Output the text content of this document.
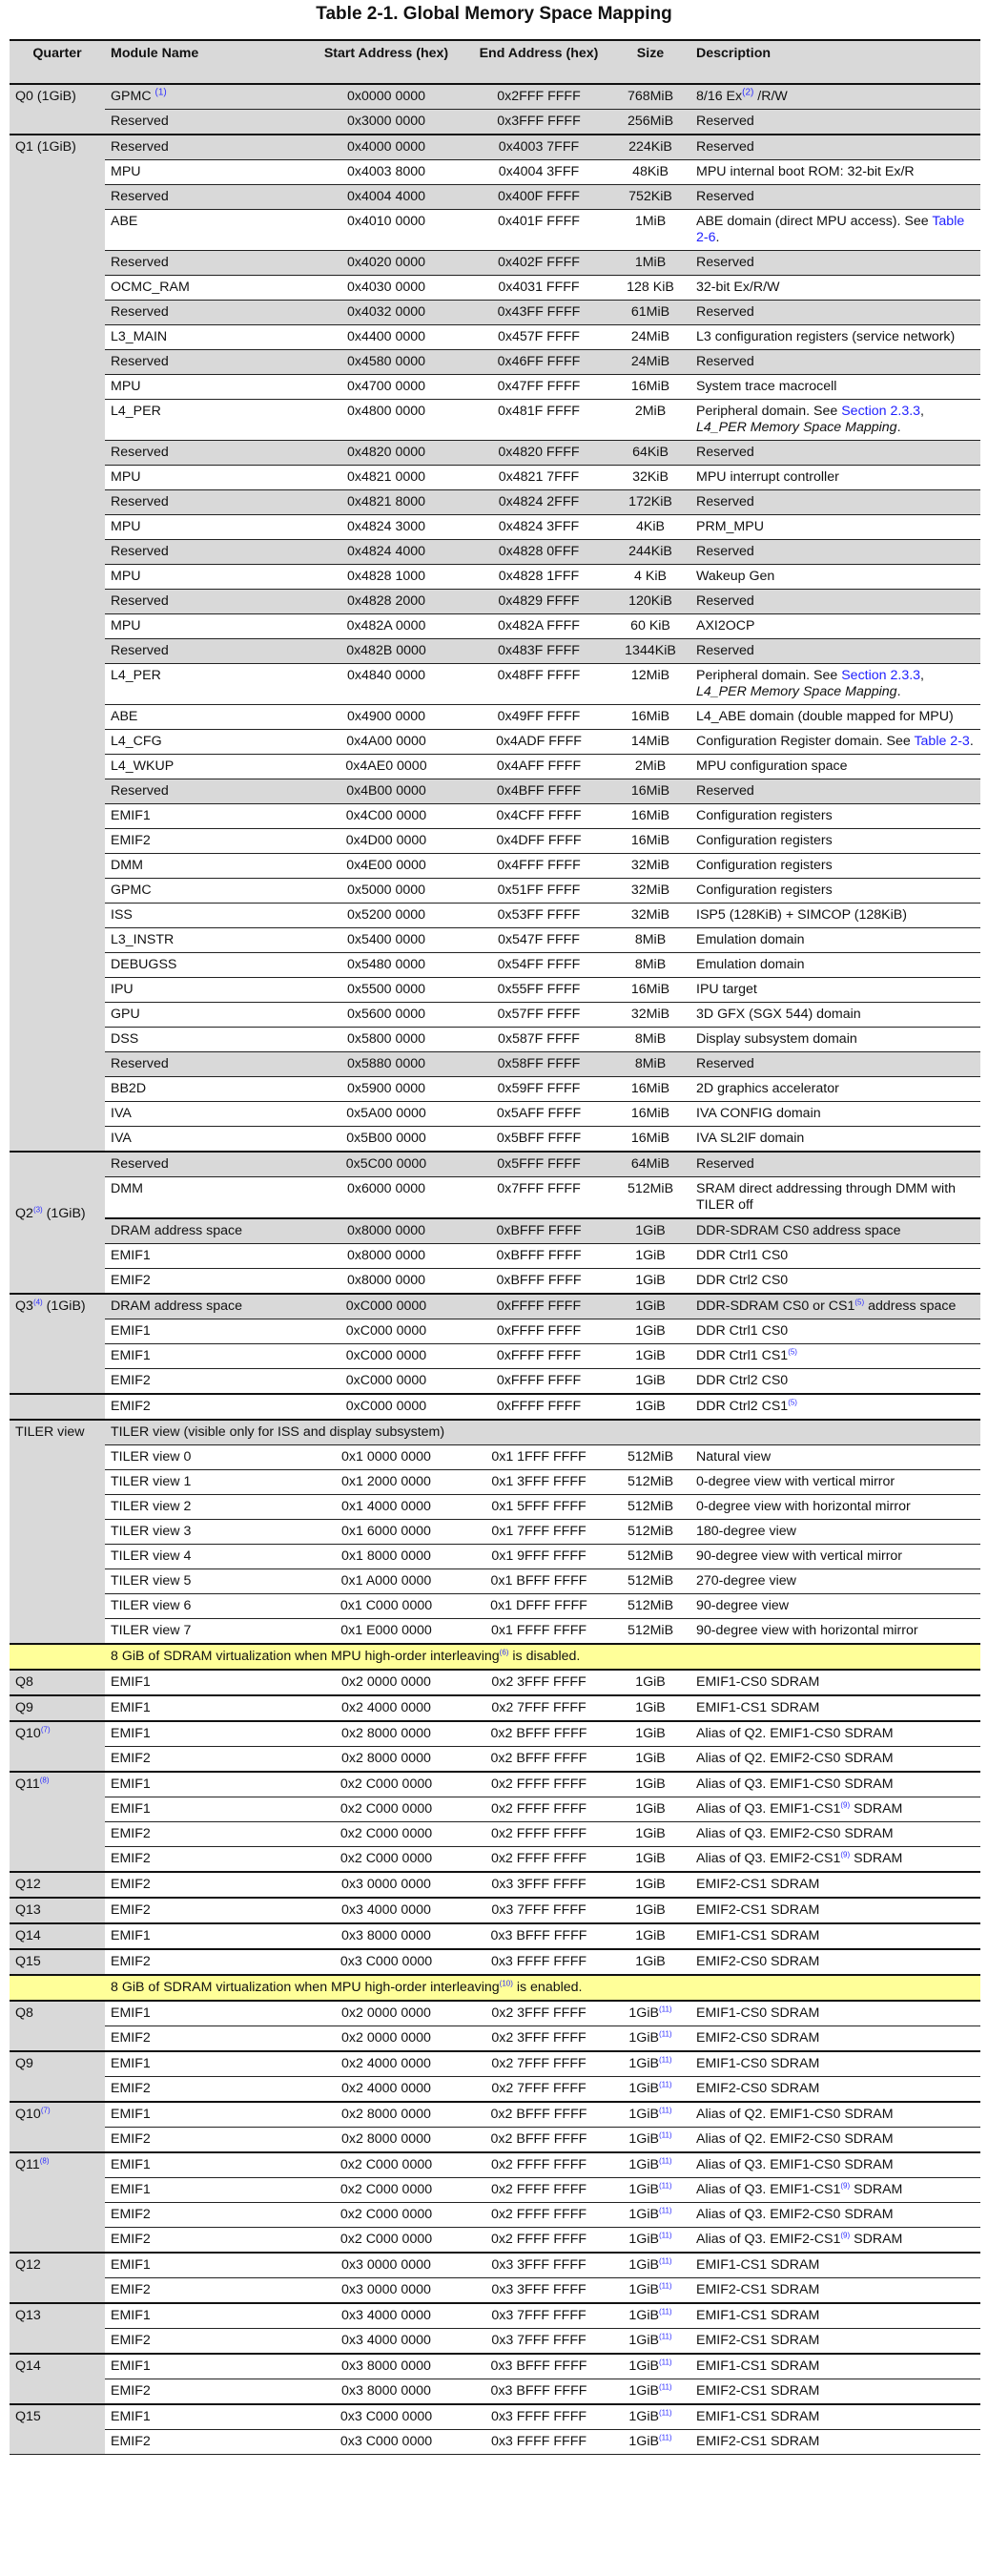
Table 2-1. Global Memory Space Mapping
Quarter	Module Name	Start Address (hex)	End Address (hex)	Size	Description
Q0 (1GiB)	GPMC $^{(1)}$	0x0000 0000	0x2FFF FFFF	768MiB	8/16 Ex$^{(2)}$ /R/W
	Reserved	0x3000 0000	0x3FFF FFFF	256MiB	Reserved
Q1 (1GiB)	Reserved	0x4000 0000	0x4003 7FFF	224KiB	Reserved
	MPU	0x4003 8000	0x4004 3FFF	48KiB	MPU internal boot ROM: 32-bit Ex/R
	Reserved	0x4004 4000	0x400F FFFF	752KiB	Reserved
	ABE	0x4010 0000	0x401F FFFF	1MiB	ABE domain (direct MPU access). See Table 2-6.
	Reserved	0x4020 0000	0x402F FFFF	1MiB	Reserved
	OCMC_RAM	0x4030 0000	0x4031 FFFF	128 KiB	32-bit Ex/R/W
	Reserved	0x4032 0000	0x43FF FFFF	61MiB	Reserved
	L3_MAIN	0x4400 0000	0x457F FFFF	24MiB	L3 configuration registers (service network)
	Reserved	0x4580 0000	0x46FF FFFF	24MiB	Reserved
	MPU	0x4700 0000	0x47FF FFFF	16MiB	System trace macrocell
	L4_PER	0x4800 0000	0x481F FFFF	2MiB	Peripheral domain. See Section 2.3.3, L4_PER Memory Space Mapping.
	Reserved	0x4820 0000	0x4820 FFFF	64KiB	Reserved
	MPU	0x4821 0000	0x4821 7FFF	32KiB	MPU interrupt controller
	Reserved	0x4821 8000	0x4824 2FFF	172KiB	Reserved
	MPU	0x4824 3000	0x4824 3FFF	4KiB	PRM_MPU
	Reserved	0x4824 4000	0x4828 0FFF	244KiB	Reserved
	MPU	0x4828 1000	0x4828 1FFF	4 KiB	Wakeup Gen
	Reserved	0x4828 2000	0x4829 FFFF	120KiB	Reserved
	MPU	0x482A 0000	0x482A FFFF	60 KiB	AXI2OCP
	Reserved	0x482B 0000	0x483F FFFF	1344KiB	Reserved
	L4_PER	0x4840 0000	0x48FF FFFF	12MiB	Peripheral domain. See Section 2.3.3, L4_PER Memory Space Mapping.
	ABE	0x4900 0000	0x49FF FFFF	16MiB	L4_ABE domain (double mapped for MPU)
	L4_CFG	0x4A00 0000	0x4ADF FFFF	14MiB	Configuration Register domain. See Table 2-3.
	L4_WKUP	0x4AE0 0000	0x4AFF FFFF	2MiB	MPU configuration space
	Reserved	0x4B00 0000	0x4BFF FFFF	16MiB	Reserved
	EMIF1	0x4C00 0000	0x4CFF FFFF	16MiB	Configuration registers
	EMIF2	0x4D00 0000	0x4DFF FFFF	16MiB	Configuration registers
	DMM	0x4E00 0000	0x4FFF FFFF	32MiB	Configuration registers
	GPMC	0x5000 0000	0x51FF FFFF	32MiB	Configuration registers
	ISS	0x5200 0000	0x53FF FFFF	32MiB	ISP5 (128KiB) + SIMCOP (128KiB)
	L3_INSTR	0x5400 0000	0x547F FFFF	8MiB	Emulation domain
	DEBUGSS	0x5480 0000	0x54FF FFFF	8MiB	Emulation domain
	IPU	0x5500 0000	0x55FF FFFF	16MiB	IPU target
	GPU	0x5600 0000	0x57FF FFFF	32MiB	3D GFX (SGX 544) domain
	DSS	0x5800 0000	0x587F FFFF	8MiB	Display subsystem domain
	Reserved	0x5880 0000	0x58FF FFFF	8MiB	Reserved
	BB2D	0x5900 0000	0x59FF FFFF	16MiB	2D graphics accelerator
	IVA	0x5A00 0000	0x5AFF FFFF	16MiB	IVA CONFIG domain
	IVA	0x5B00 0000	0x5BFF FFFF	16MiB	IVA SL2IF domain
Q2$^{(3)}$ (1GiB)	Reserved	0x5C00 0000	0x5FFF FFFF	64MiB	Reserved
	DMM	0x6000 0000	0x7FFF FFFF	512MiB	SRAM direct addressing through DMM with TILER off
	DRAM address space	0x8000 0000	0xBFFF FFFF	1GiB	DDR-SDRAM CS0 address space
	EMIF1	0x8000 0000	0xBFFF FFFF	1GiB	DDR Ctrl1 CS0
	EMIF2	0x8000 0000	0xBFFF FFFF	1GiB	DDR Ctrl2 CS0
Q3$^{(4)}$ (1GiB)	DRAM address space	0xC000 0000	0xFFFF FFFF	1GiB	DDR-SDRAM CS0 or CS1$^{(5)}$ address space
	EMIF1	0xC000 0000	0xFFFF FFFF	1GiB	DDR Ctrl1 CS0
	EMIF1	0xC000 0000	0xFFFF FFFF	1GiB	DDR Ctrl1 CS1$^{(5)}$
	EMIF2	0xC000 0000	0xFFFF FFFF	1GiB	DDR Ctrl2 CS0
	EMIF2	0xC000 0000	0xFFFF FFFF	1GiB	DDR Ctrl2 CS1$^{(5)}$
TILER view	TILER view (visible only for ISS and display subsystem)				
	TILER view 0	0x1 0000 0000	0x1 1FFF FFFF	512MiB	Natural view
	TILER view 1	0x1 2000 0000	0x1 3FFF FFFF	512MiB	0-degree view with vertical mirror
	TILER view 2	0x1 4000 0000	0x1 5FFF FFFF	512MiB	0-degree view with horizontal mirror
	TILER view 3	0x1 6000 0000	0x1 7FFF FFFF	512MiB	180-degree view
	TILER view 4	0x1 8000 0000	0x1 9FFF FFFF	512MiB	90-degree view with vertical mirror
	TILER view 5	0x1 A000 0000	0x1 BFFF FFFF	512MiB	270-degree view
	TILER view 6	0x1 C000 0000	0x1 DFFF FFFF	512MiB	90-degree view
	TILER view 7	0x1 E000 0000	0x1 FFFF FFFF	512MiB	90-degree view with horizontal mirror
	8 GiB of SDRAM virtualization when MPU high-order interleaving$^{(6)}$ is disabled.				
Q8	EMIF1	0x2 0000 0000	0x2 3FFF FFFF	1GiB	EMIF1-CS0 SDRAM
Q9	EMIF1	0x2 4000 0000	0x2 7FFF FFFF	1GiB	EMIF1-CS1 SDRAM
Q10$^{(7)}$	EMIF1	0x2 8000 0000	0x2 BFFF FFFF	1GiB	Alias of Q2. EMIF1-CS0 SDRAM
	EMIF2	0x2 8000 0000	0x2 BFFF FFFF	1GiB	Alias of Q2. EMIF2-CS0 SDRAM
Q11$^{(8)}$	EMIF1	0x2 C000 0000	0x2 FFFF FFFF	1GiB	Alias of Q3. EMIF1-CS0 SDRAM
	EMIF1	0x2 C000 0000	0x2 FFFF FFFF	1GiB	Alias of Q3. EMIF1-CS1$^{(9)}$ SDRAM
	EMIF2	0x2 C000 0000	0x2 FFFF FFFF	1GiB	Alias of Q3. EMIF2-CS0 SDRAM
	EMIF2	0x2 C000 0000	0x2 FFFF FFFF	1GiB	Alias of Q3. EMIF2-CS1$^{(9)}$ SDRAM
Q12	EMIF2	0x3 0000 0000	0x3 3FFF FFFF	1GiB	EMIF2-CS1 SDRAM
Q13	EMIF2	0x3 4000 0000	0x3 7FFF FFFF	1GiB	EMIF2-CS1 SDRAM
Q14	EMIF1	0x3 8000 0000	0x3 BFFF FFFF	1GiB	EMIF1-CS1 SDRAM
Q15	EMIF2	0x3 C000 0000	0x3 FFFF FFFF	1GiB	EMIF2-CS0 SDRAM
	8 GiB of SDRAM virtualization when MPU high-order interleaving$^{(10)}$ is enabled.				
Q8	EMIF1	0x2 0000 0000	0x2 3FFF FFFF	1GiB$^{(11)}$	EMIF1-CS0 SDRAM
	EMIF2	0x2 0000 0000	0x2 3FFF FFFF	1GiB$^{(11)}$	EMIF2-CS0 SDRAM
Q9	EMIF1	0x2 4000 0000	0x2 7FFF FFFF	1GiB$^{(11)}$	EMIF1-CS0 SDRAM
	EMIF2	0x2 4000 0000	0x2 7FFF FFFF	1GiB$^{(11)}$	EMIF2-CS0 SDRAM
Q10$^{(7)}$	EMIF1	0x2 8000 0000	0x2 BFFF FFFF	1GiB$^{(11)}$	Alias of Q2. EMIF1-CS0 SDRAM
	EMIF2	0x2 8000 0000	0x2 BFFF FFFF	1GiB$^{(11)}$	Alias of Q2. EMIF2-CS0 SDRAM
Q11$^{(8)}$	EMIF1	0x2 C000 0000	0x2 FFFF FFFF	1GiB$^{(11)}$	Alias of Q3. EMIF1-CS0 SDRAM
	EMIF1	0x2 C000 0000	0x2 FFFF FFFF	1GiB$^{(11)}$	Alias of Q3. EMIF1-CS1$^{(9)}$ SDRAM
	EMIF2	0x2 C000 0000	0x2 FFFF FFFF	1GiB$^{(11)}$	Alias of Q3. EMIF2-CS0 SDRAM
	EMIF2	0x2 C000 0000	0x2 FFFF FFFF	1GiB$^{(11)}$	Alias of Q3. EMIF2-CS1$^{(9)}$ SDRAM
Q12	EMIF1	0x3 0000 0000	0x3 3FFF FFFF	1GiB$^{(11)}$	EMIF1-CS1 SDRAM
	EMIF2	0x3 0000 0000	0x3 3FFF FFFF	1GiB$^{(11)}$	EMIF2-CS1 SDRAM
Q13	EMIF1	0x3 4000 0000	0x3 7FFF FFFF	1GiB$^{(11)}$	EMIF1-CS1 SDRAM
	EMIF2	0x3 4000 0000	0x3 7FFF FFFF	1GiB$^{(11)}$	EMIF2-CS1 SDRAM
Q14	EMIF1	0x3 8000 0000	0x3 BFFF FFFF	1GiB$^{(11)}$	EMIF1-CS1 SDRAM
	EMIF2	0x3 8000 0000	0x3 BFFF FFFF	1GiB$^{(11)}$	EMIF2-CS1 SDRAM
Q15	EMIF1	0x3 C000 0000	0x3 FFFF FFFF	1GiB$^{(11)}$	EMIF1-CS1 SDRAM
	EMIF2	0x3 C000 0000	0x3 FFFF FFFF	1GiB$^{(11)}$	EMIF2-CS1 SDRAM
